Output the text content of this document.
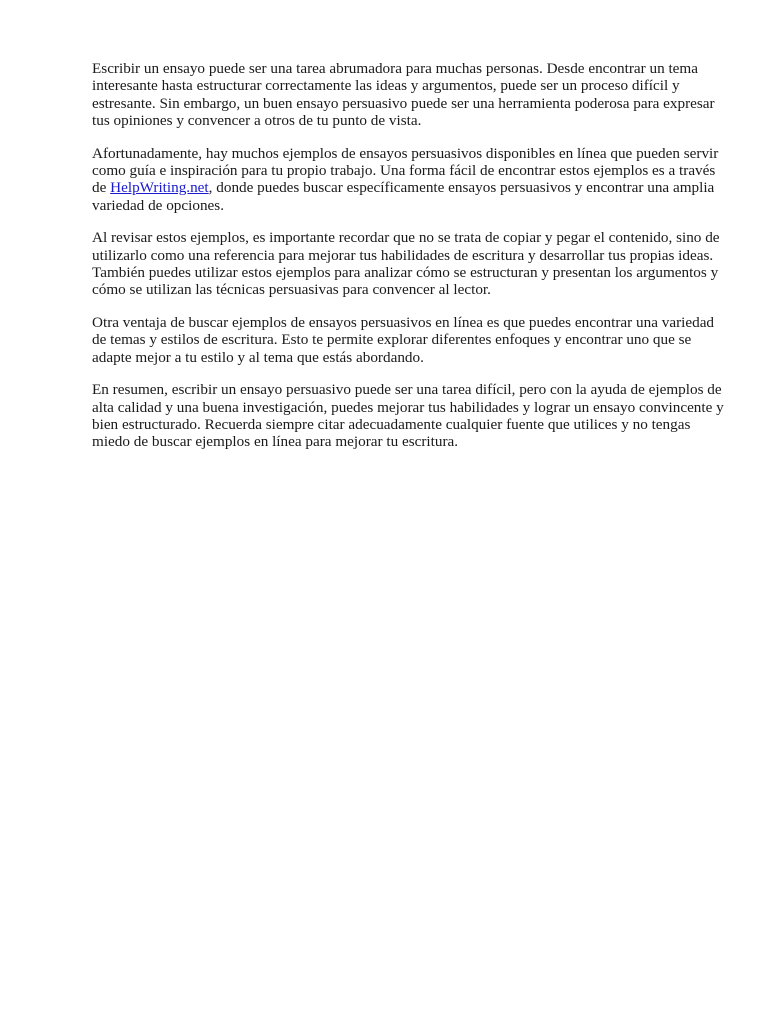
Escribir un ensayo puede ser una tarea abrumadora para muchas personas. Desde encontrar un tema interesante hasta estructurar correctamente las ideas y argumentos, puede ser un proceso difícil y estresante. Sin embargo, un buen ensayo persuasivo puede ser una herramienta poderosa para expresar tus opiniones y convencer a otros de tu punto de vista.

Afortunadamente, hay muchos ejemplos de ensayos persuasivos disponibles en línea que pueden servir como guía e inspiración para tu propio trabajo. Una forma fácil de encontrar estos ejemplos es a través de HelpWriting.net, donde puedes buscar específicamente ensayos persuasivos y encontrar una amplia variedad de opciones.

Al revisar estos ejemplos, es importante recordar que no se trata de copiar y pegar el contenido, sino de utilizarlo como una referencia para mejorar tus habilidades de escritura y desarrollar tus propias ideas. También puedes utilizar estos ejemplos para analizar cómo se estructuran y presentan los argumentos y cómo se utilizan las técnicas persuasivas para convencer al lector.

Otra ventaja de buscar ejemplos de ensayos persuasivos en línea es que puedes encontrar una variedad de temas y estilos de escritura. Esto te permite explorar diferentes enfoques y encontrar uno que se adapte mejor a tu estilo y al tema que estás abordando.

En resumen, escribir un ensayo persuasivo puede ser una tarea difícil, pero con la ayuda de ejemplos de alta calidad y una buena investigación, puedes mejorar tus habilidades y lograr un ensayo convincente y bien estructurado. Recuerda siempre citar adecuadamente cualquier fuente que utilices y no tengas miedo de buscar ejemplos en línea para mejorar tu escritura.
